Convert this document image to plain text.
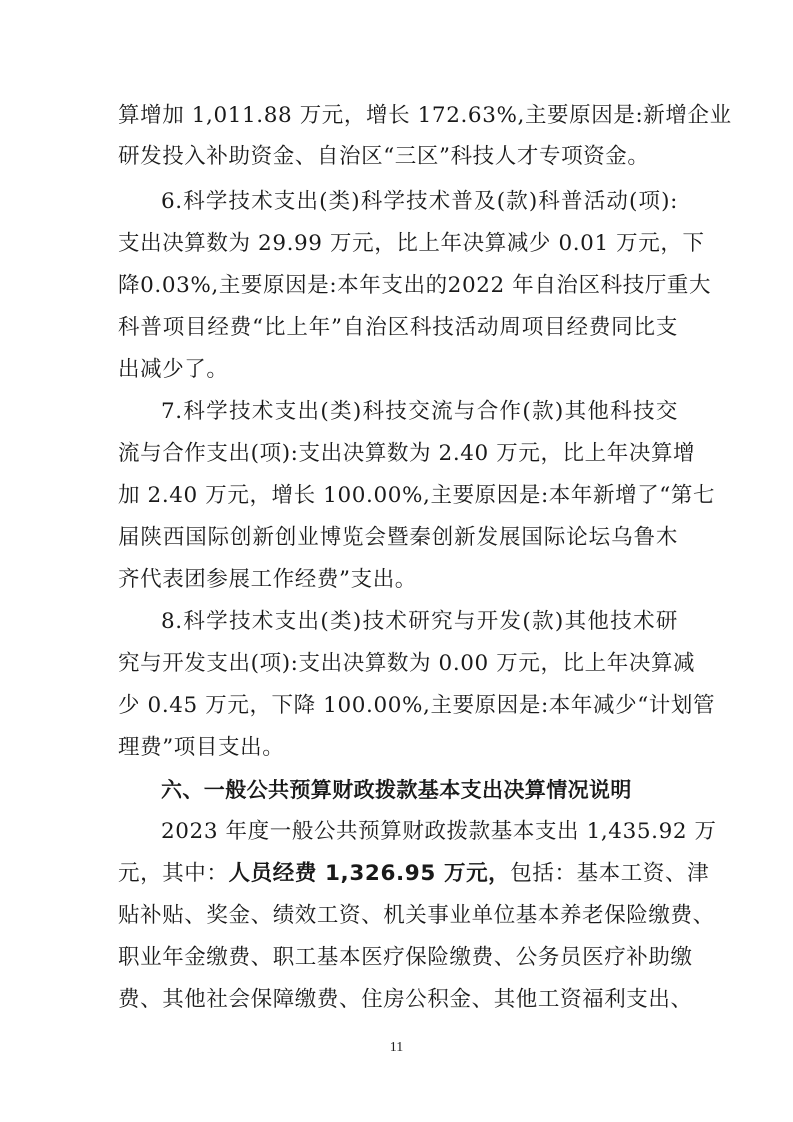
算增加 1,011.88 万元，增长 172.63%,主要原因是:新增企业
研发投入补助资金、自治区“三区”科技人才专项资金。
6.科学技术支出(类)科学技术普及(款)科普活动(项):
支出决算数为 29.99 万元，比上年决算减少 0.01 万元，下
降0.03%,主要原因是:本年支出的2022 年自治区科技厅重大
科普项目经费“比上年”自治区科技活动周项目经费同比支
出减少了。
7.科学技术支出(类)科技交流与合作(款)其他科技交
流与合作支出(项):支出决算数为 2.40 万元，比上年决算增
加 2.40 万元，增长 100.00%,主要原因是:本年新增了“第七
届陕西国际创新创业博览会暨秦创新发展国际论坛乌鲁木
齐代表团参展工作经费”支出。
8.科学技术支出(类)技术研究与开发(款)其他技术研
究与开发支出(项):支出决算数为 0.00 万元，比上年决算减
少 0.45 万元，下降 100.00%,主要原因是:本年减少“计划管
理费”项目支出。
六、一般公共预算财政拨款基本支出决算情况说明
2023 年度一般公共预算财政拨款基本支出 1,435.92 万
元，其中：人员经费 1,326.95 万元，包括：基本工资、津
贴补贴、奖金、绩效工资、机关事业单位基本养老保险缴费、
职业年金缴费、职工基本医疗保险缴费、公务员医疗补助缴
费、其他社会保障缴费、住房公积金、其他工资福利支出、
11
